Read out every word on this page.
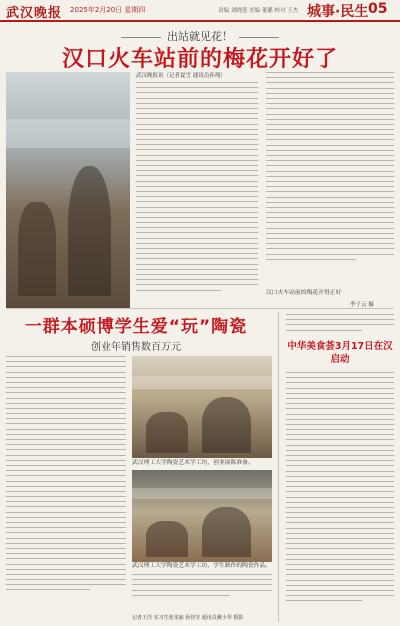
武汉晚报 2025年2月20日 星期四	责编 刘晓莲 美编 董璐 校对 王杰 城事·民生 05
出站就见花！
汉口火车站前的梅花开好了
武汉晚报讯（记者夏雪 通讯员孙翔）
汉口火车站前的梅花开得正好
李子云 摄
一群本硕博学生爱“玩”陶瓷
创业年销售数百万元
武汉理工大学陶瓷艺术学工坊，创业展陈准备。
武汉理工大学陶瓷艺术学工坊，学生制作的陶瓷作品。
记者王洋 实习生张雯丽 孙佳莹 通讯员戴小琴 摄影
中华美食荟3月17日在汉启动
